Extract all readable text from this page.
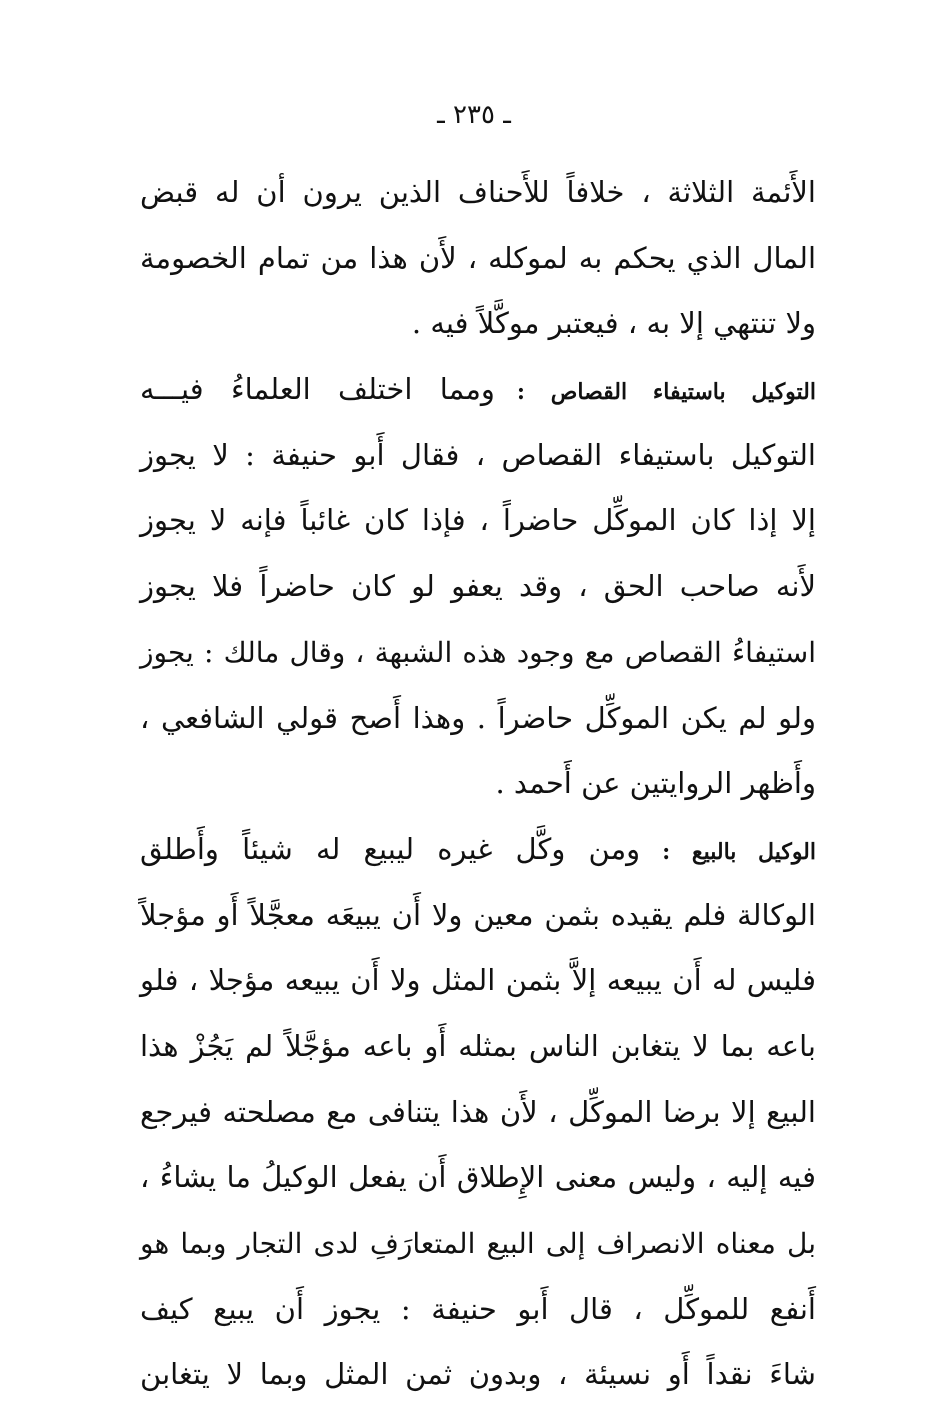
ـ ٢٣٥ ـ
الأَئمة الثلاثة ، خلافاً للأَحناف الذين يرون أن له قبض
المال الذي يحكم به لموكله ، لأَن هذا من تمام الخصومة
ولا تنتهي إلا به ، فيعتبر موكَّلاً فيه .
التوكيل باستيفاء القصاص :ومما اختلف العلماءُ فيـــه
التوكيل باستيفاء القصاص ، فقال أَبو حنيفة : لا يجوز
إلا إذا كان الموكِّل حاضراً ، فإذا كان غائباً فإنه لا يجوز
لأَنه صاحب الحق ، وقد يعفو لو كان حاضراً فلا يجوز
استيفاءُ القصاص مع وجود هذه الشبهة ، وقال مالك : يجوز
ولو لم يكن الموكِّل حاضراً . وهذا أَصح قولي الشافعي ،
وأَظهر الروايتين عن أَحمد .
الوكيل بالبيع :ومن وكَّل غيره ليبيع له شيئاً وأَطلق
الوكالة فلم يقيده بثمن معين ولا أَن يبيعَه معجَّلاً أَو مؤجلاً
فليس له أَن يبيعه إلاَّ بثمن المثل ولا أَن يبيعه مؤجلا ، فلو
باعه بما لا يتغابن الناس بمثله أَو باعه مؤجَّلاً لم يَجُزْ هذا
البيع إلا برضا الموكِّل ، لأَن هذا يتنافى مع مصلحته فيرجع
فيه إليه ، وليس معنى الإِطلاق أَن يفعل الوكيلُ ما يشاءُ ،
بل معناه الانصراف إلى البيع المتعارَفِ لدى التجار وبما هو
أَنفع للموكِّل ، قال أَبو حنيفة : يجوز أَن يبيع كيف
شاءَ نقداً أَو نسيئة ، وبدون ثمن المثل وبما لا يتغابن
